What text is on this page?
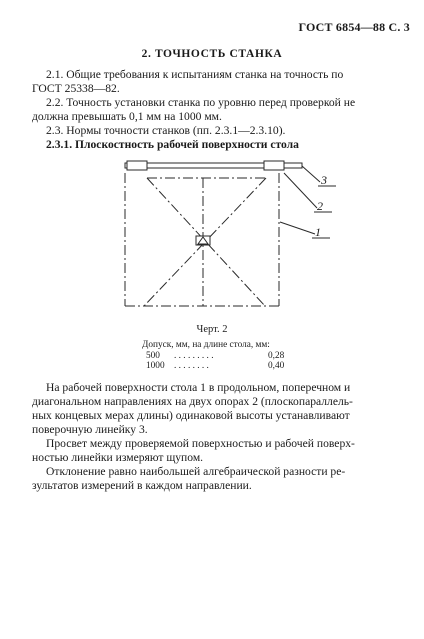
ГОСТ 6854—88 С. 3
2. ТОЧНОСТЬ СТАНКА
2.1. Общие требования к испытаниям станка на точность по
ГОСТ 25338—82.
2.2. Точность установки станка по уровню перед проверкой не
должна превышать 0,1 мм на 1000 мм.
2.3. Нормы точности станков (пп. 2.3.1—2.3.10).
2.3.1. Плоскостность рабочей поверхности стола
3
2
1
Черт. 2
Допуск, мм, на длине стола, мм:
500 . . . . . . . . .	0,28
1000 . . . . . . . .	0,40
На рабочей поверхности стола 1 в продольном, поперечном и
диагональном направлениях на двух опорах 2 (плоскопараллель-
ных концевых мерах длины) одинаковой высоты устанавливают
поверочную линейку 3.
Просвет между проверяемой поверхностью и рабочей поверх-
ностью линейки измеряют щупом.
Отклонение равно наибольшей алгебраической разности ре-
зультатов измерений в каждом направлении.
